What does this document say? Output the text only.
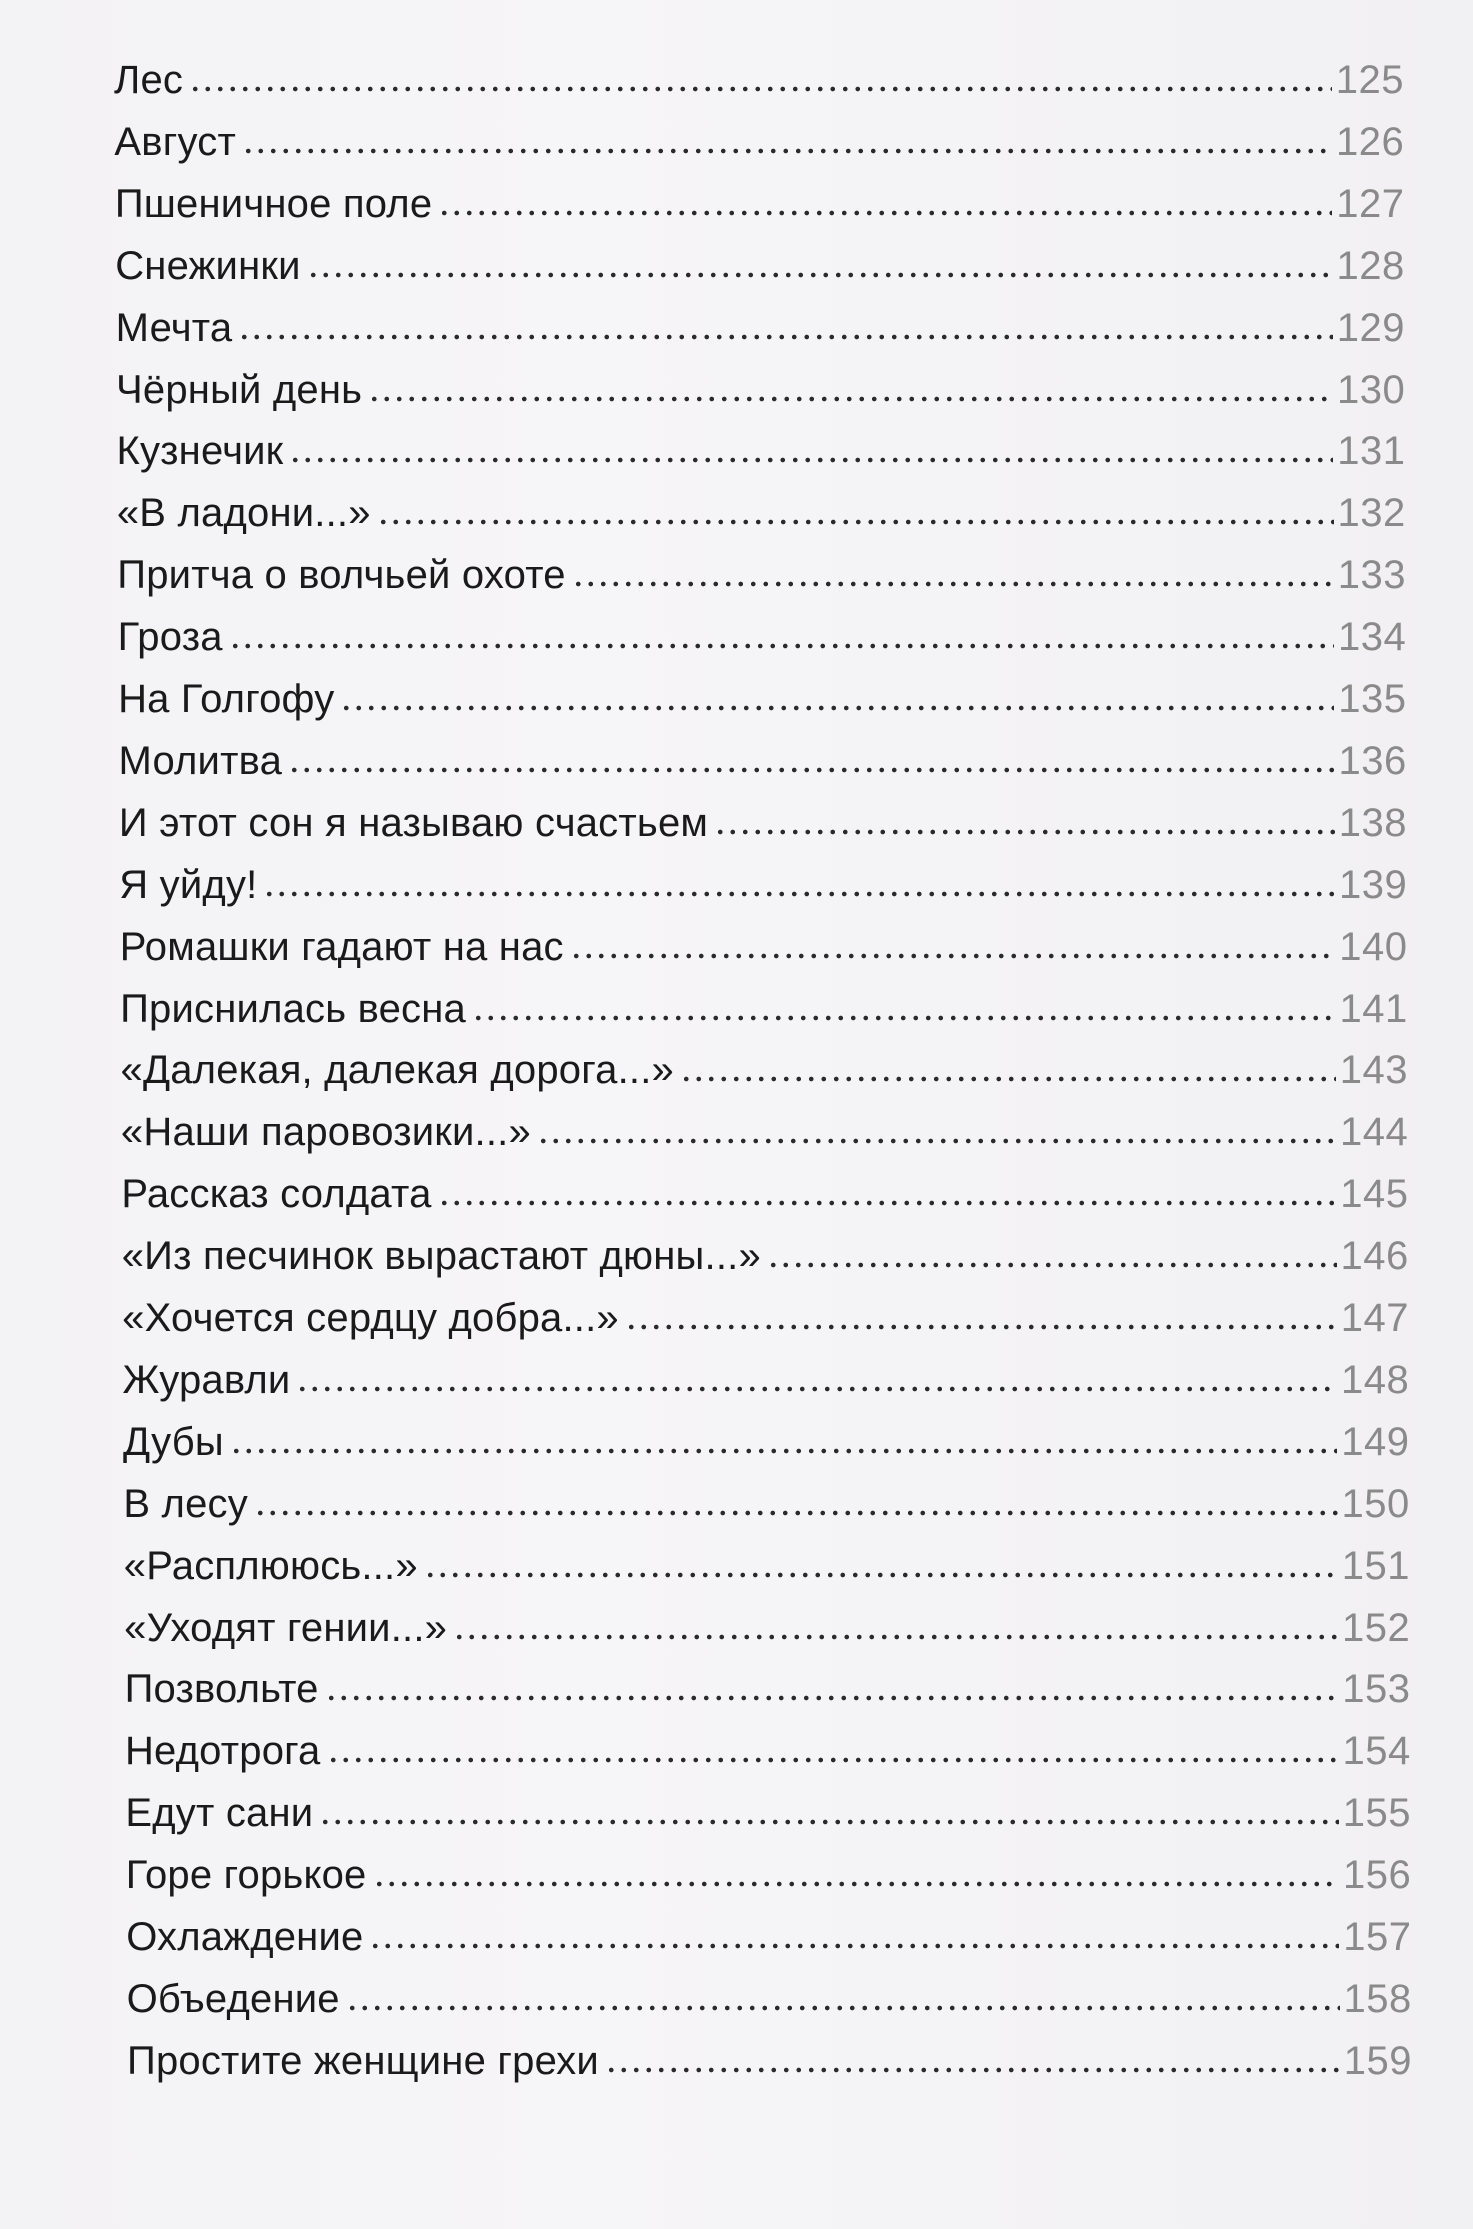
Лес	125
Август	126
Пшеничное поле	127
Снежинки	128
Мечта	129
Чёрный день	130
Кузнечик	131
«В ладони...»	132
Притча о волчьей охоте	133
Гроза	134
На Голгофу	135
Молитва	136
И этот сон я называю счастьем	138
Я уйду!	139
Ромашки гадают на нас	140
Приснилась весна	141
«Далекая, далекая дорога...»	143
«Наши паровозики...»	144
Рассказ солдата	145
«Из песчинок вырастают дюны...»	146
«Хочется сердцу добра...»	147
Журавли	148
Дубы	149
В лесу	150
«Расплююсь...»	151
«Уходят гении...»	152
Позвольте	153
Недотрога	154
Едут сани	155
Горе горькое	156
Охлаждение	157
Объедение	158
Простите женщине грехи	159
